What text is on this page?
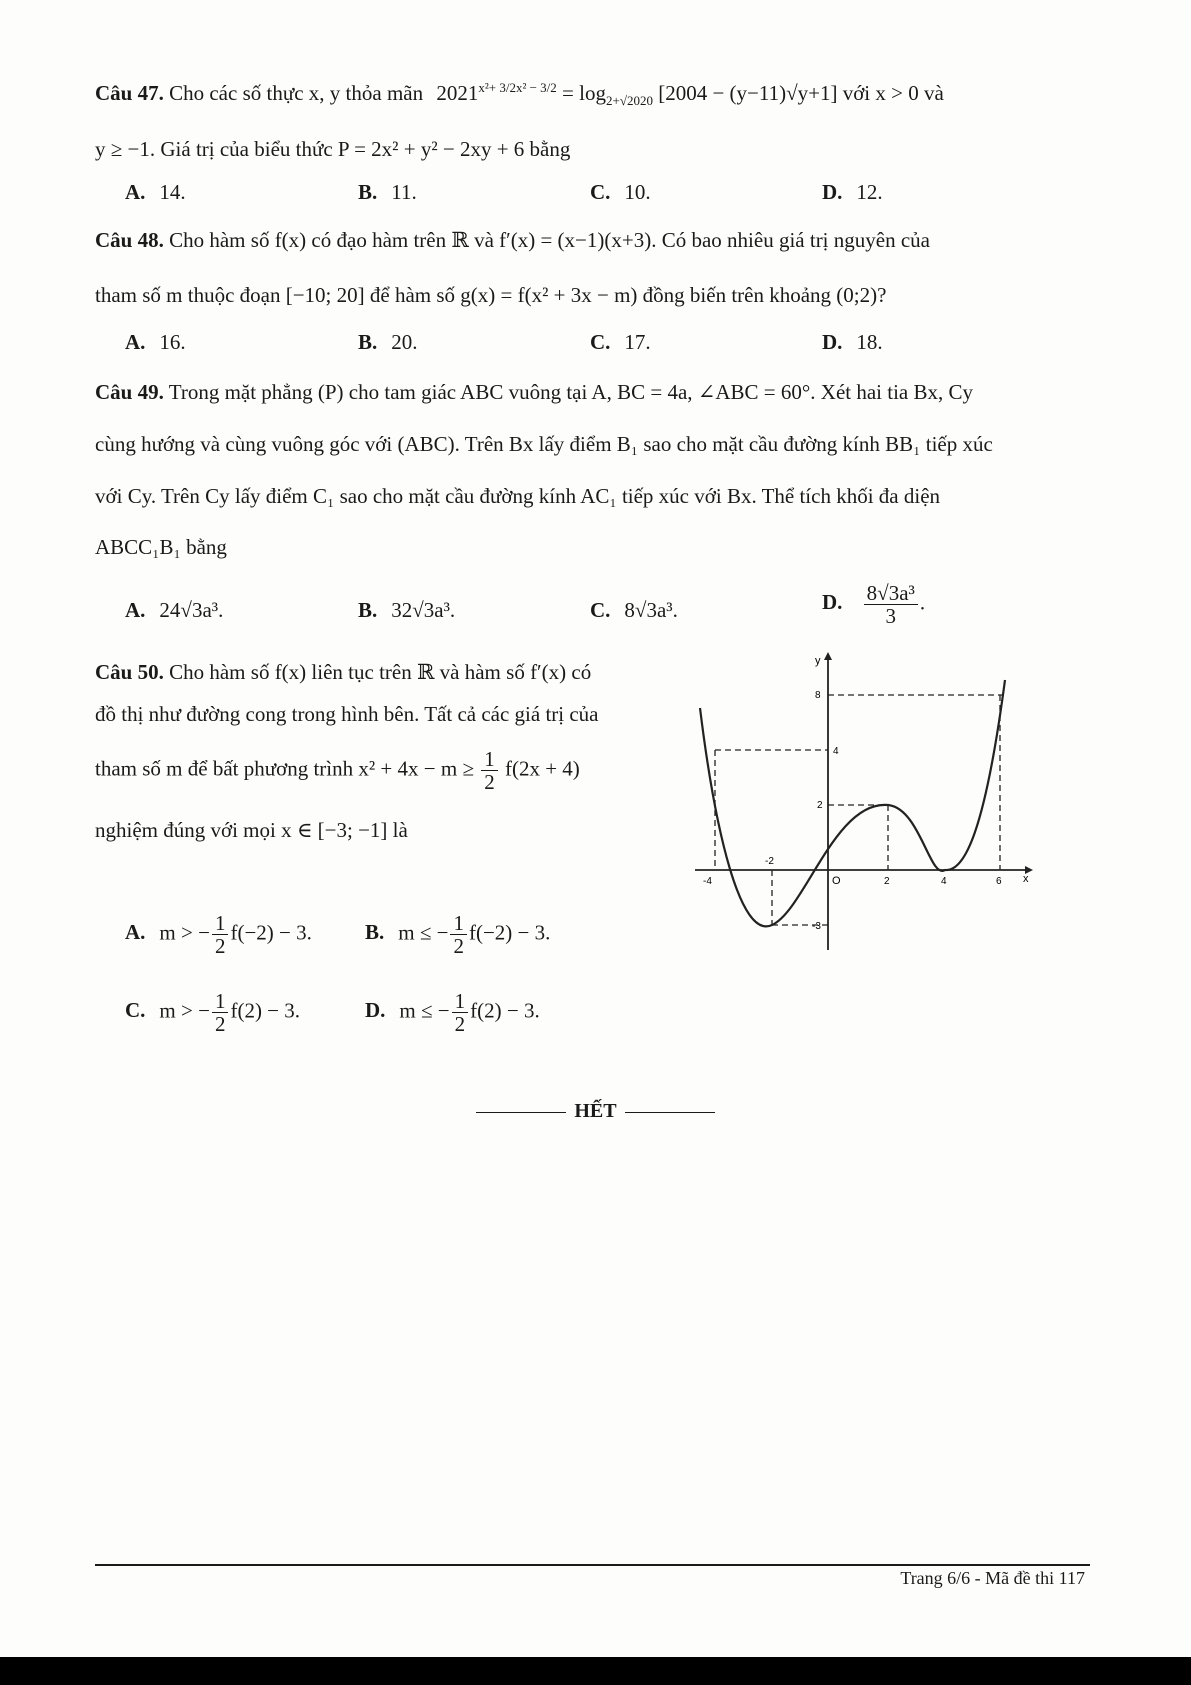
Câu 47. Cho các số thực x, y thỏa mãn $2021^{x^2+ 3/2x^2 - 3/2} = \log_{2+√2020} [2004 - (y-11)√y+1]$ với x > 0 và
y ≥ −1. Giá trị của biểu thức P = 2x² + y² − 2xy + 6 bằng
A. 14.	B. 11.	C. 10.	D. 12.
Câu 48. Cho hàm số f(x) có đạo hàm trên ℝ và f′(x) = (x−1)(x+3). Có bao nhiêu giá trị nguyên của
tham số m thuộc đoạn [−10; 20] để hàm số g(x) = f(x² + 3x − m) đồng biến trên khoảng (0;2)?
A. 16.	B. 20.	C. 17.	D. 18.
Câu 49. Trong mặt phẳng (P) cho tam giác ABC vuông tại A, BC = 4a, ∠ABC = 60°. Xét hai tia Bx, Cy
cùng hướng và cùng vuông góc với (ABC). Trên Bx lấy điểm B₁ sao cho mặt cầu đường kính BB₁ tiếp xúc
với Cy. Trên Cy lấy điểm C₁ sao cho mặt cầu đường kính AC₁ tiếp xúc với Bx. Thể tích khối đa diện
ABCC₁B₁ bằng
A. 24√3a³.	B. 32√3a³.	C. 8√3a³.	D. $\frac{\text{8√3a³}}{3}$ .
Câu 50. Cho hàm số f(x) liên tục trên ℝ và hàm số f′(x) có
đồ thị như đường cong trong hình bên. Tất cả các giá trị của
tham số m để bất phương trình $x^2 + 4x - m \ge \frac{1}{2} f(2x + 4)$
nghiệm đúng với mọi x ∈ [−3; −1] là
A. m > − $\frac{1}{2} f(-2) - 3$.	B. m ≤ − $\frac{1}{2} f(-2) - 3$.
C. m > − $\frac{1}{2} f(2) - 3$.	D. m ≤ − $\frac{1}{2} f(2) - 3$.
y
x
O
-4
-2
2	4	6
8
4
2
-3
HẾT
Trang 6/6 - Mã đề thi 117
